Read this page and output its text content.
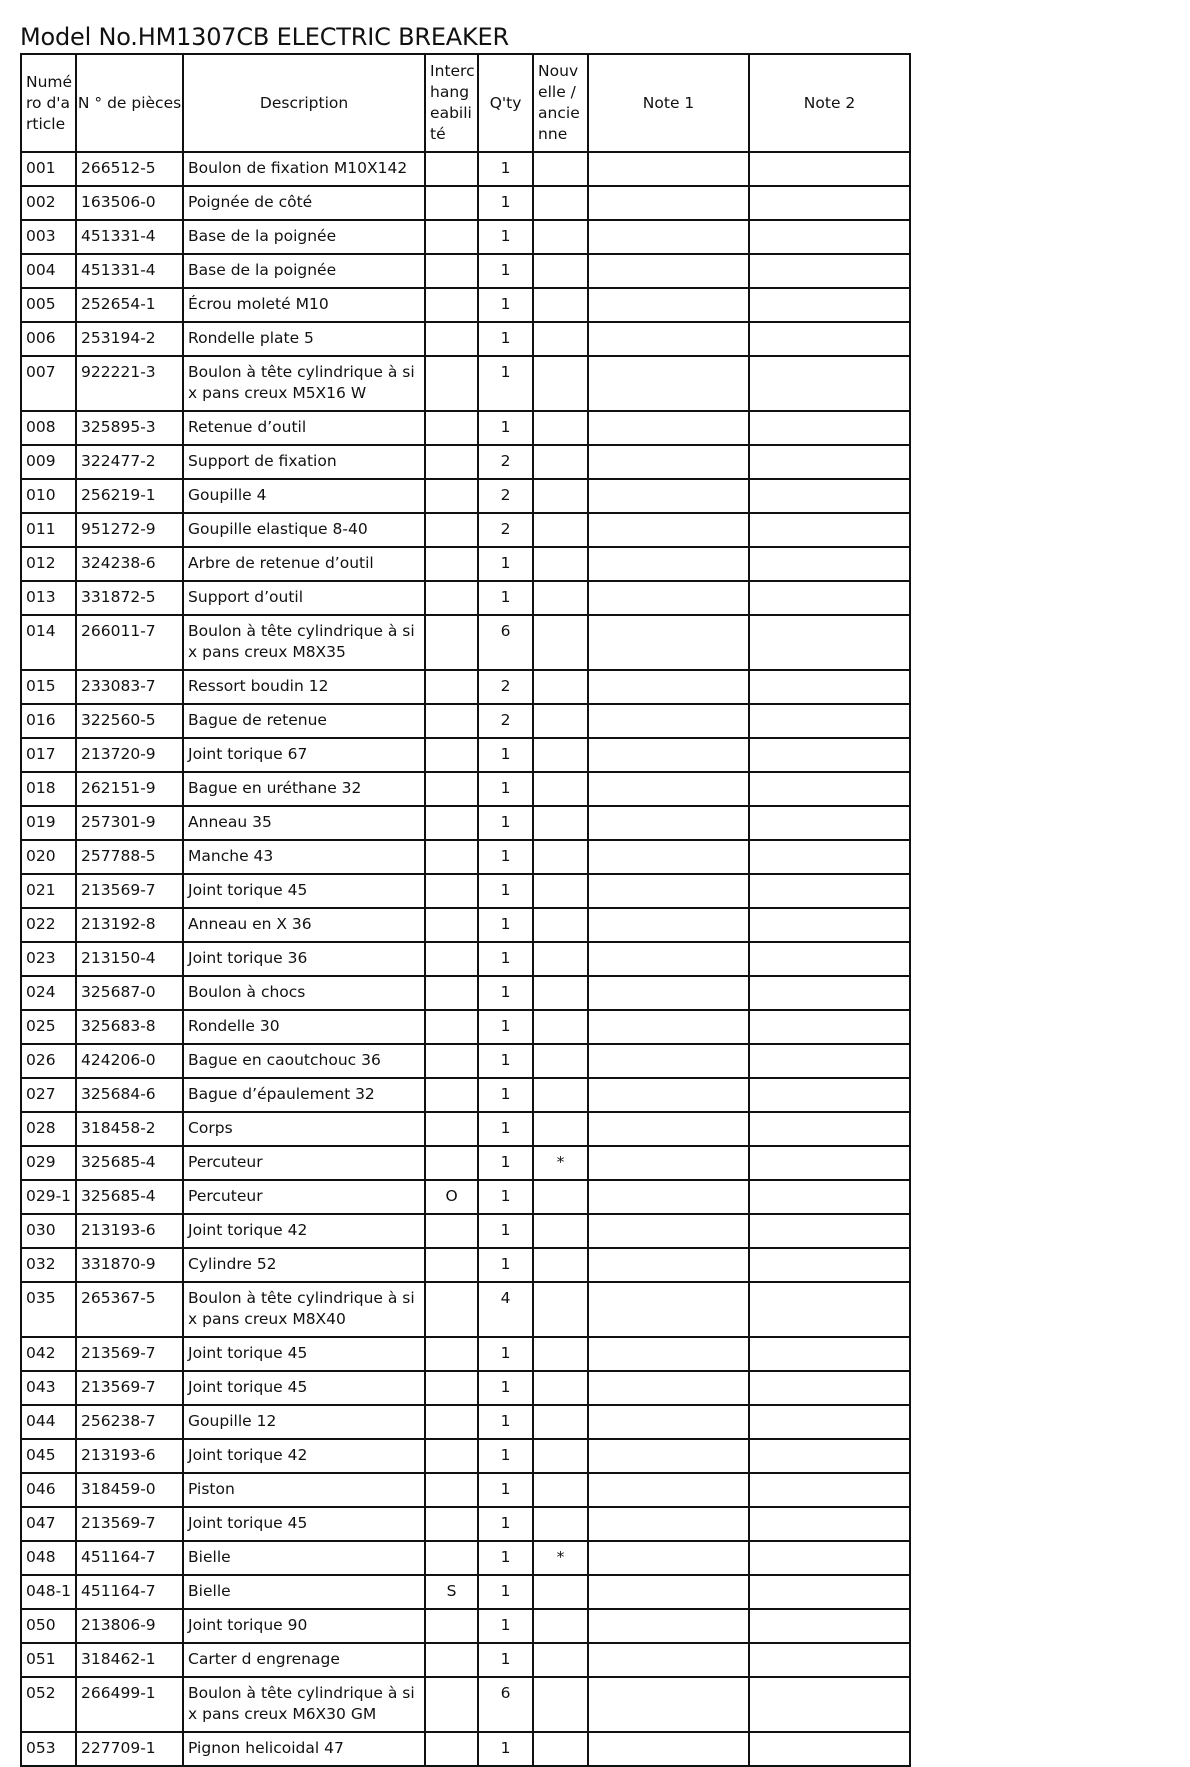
Model No.HM1307CB ELECTRIC BREAKER
Numéro d'article	N ° de pièces	Description	Interchangeabilité	Q'ty	Nouvelle / ancienne	Note 1	Note 2
001	266512-5	Boulon de fixation M10X142		1			
002	163506-0	Poignée de côté		1			
003	451331-4	Base de la poignée		1			
004	451331-4	Base de la poignée		1			
005	252654-1	Écrou moleté M10		1			
006	253194-2	Rondelle plate 5		1			
007	922221-3	Boulon à tête cylindrique à six pans creux M5X16 W		1			
008	325895-3	Retenue d’outil		1			
009	322477-2	Support de fixation		2			
010	256219-1	Goupille 4		2			
011	951272-9	Goupille elastique 8-40		2			
012	324238-6	Arbre de retenue d’outil		1			
013	331872-5	Support d’outil		1			
014	266011-7	Boulon à tête cylindrique à six pans creux M8X35		6			
015	233083-7	Ressort boudin 12		2			
016	322560-5	Bague de retenue		2			
017	213720-9	Joint torique 67		1			
018	262151-9	Bague en uréthane 32		1			
019	257301-9	Anneau 35		1			
020	257788-5	Manche 43		1			
021	213569-7	Joint torique 45		1			
022	213192-8	Anneau en X 36		1			
023	213150-4	Joint torique 36		1			
024	325687-0	Boulon à chocs		1			
025	325683-8	Rondelle 30		1			
026	424206-0	Bague en caoutchouc 36		1			
027	325684-6	Bague d’épaulement 32		1			
028	318458-2	Corps		1			
029	325685-4	Percuteur		1	*		
029-1	325685-4	Percuteur	O	1			
030	213193-6	Joint torique 42		1			
032	331870-9	Cylindre 52		1			
035	265367-5	Boulon à tête cylindrique à six pans creux M8X40		4			
042	213569-7	Joint torique 45		1			
043	213569-7	Joint torique 45		1			
044	256238-7	Goupille 12		1			
045	213193-6	Joint torique 42		1			
046	318459-0	Piston		1			
047	213569-7	Joint torique 45		1			
048	451164-7	Bielle		1	*		
048-1	451164-7	Bielle	S	1			
050	213806-9	Joint torique 90		1			
051	318462-1	Carter d engrenage		1			
052	266499-1	Boulon à tête cylindrique à six pans creux M6X30 GM		6			
053	227709-1	Pignon helicoidal 47		1			
